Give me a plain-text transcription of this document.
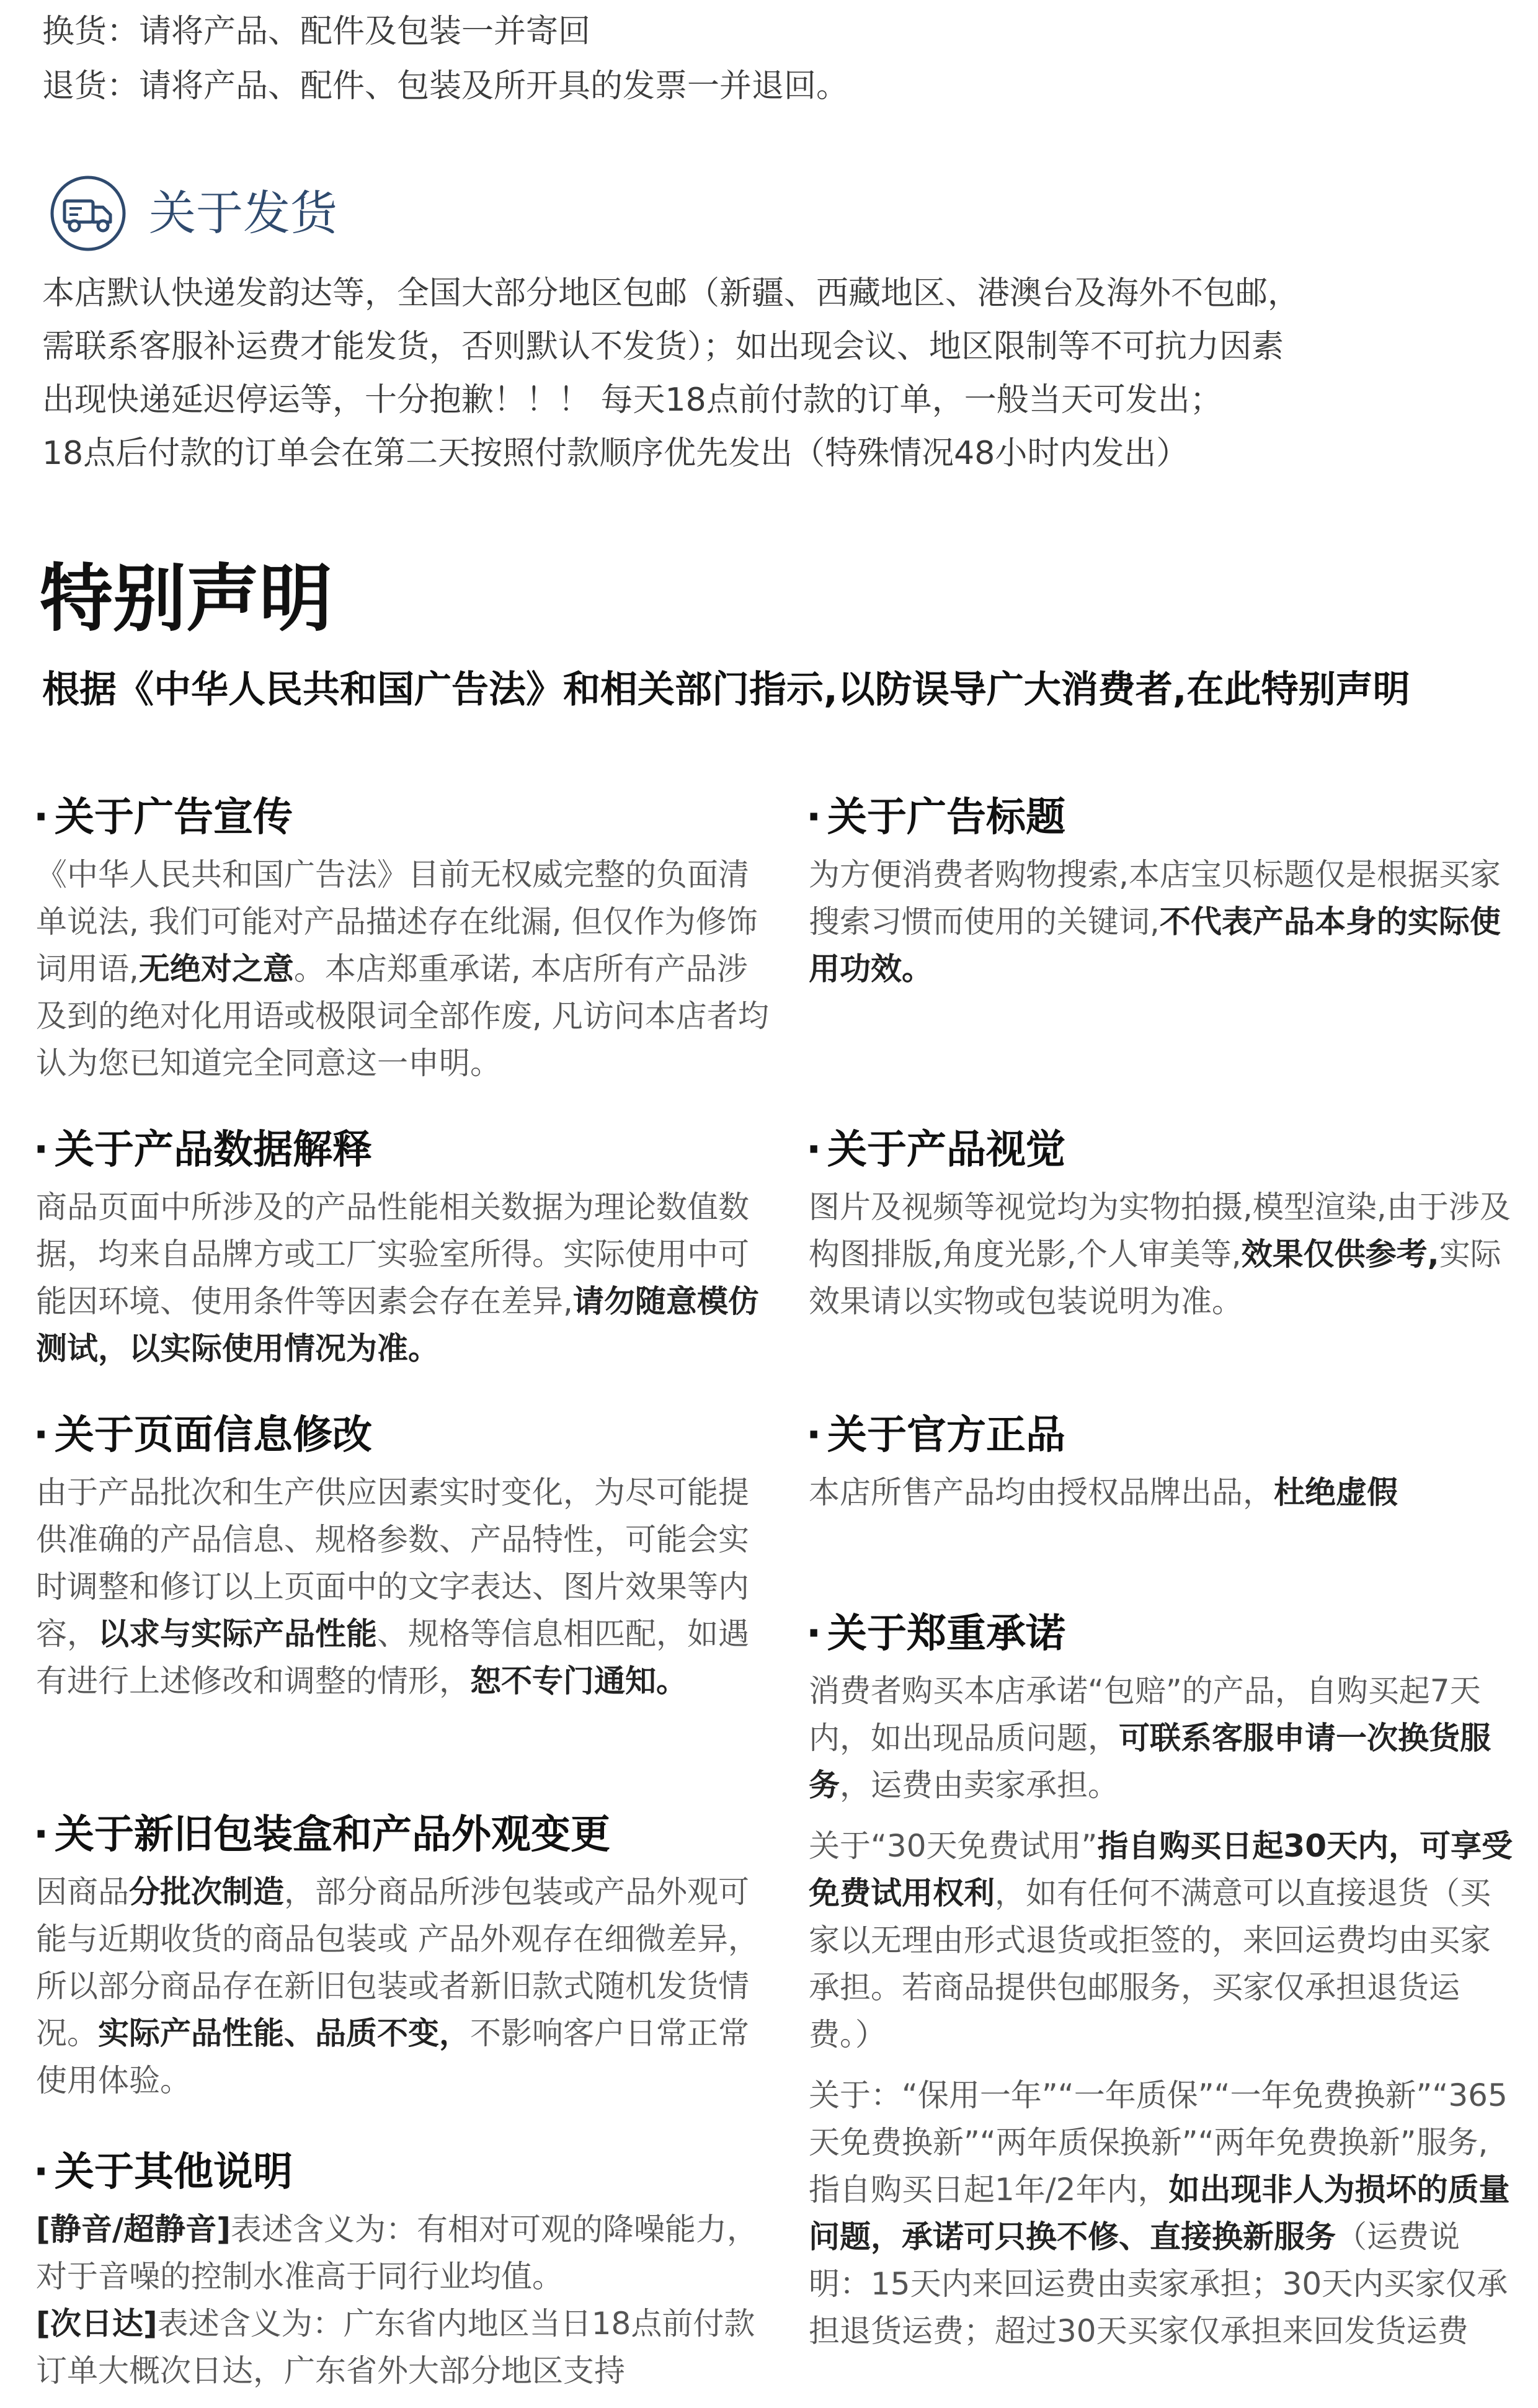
换货：请将产品、配件及包装一并寄回
退货：请将产品、配件、包装及所开具的发票一并退回。
关于发货
本店默认快递发韵达等，全国大部分地区包邮（新疆、西藏地区、港澳台及海外不包邮，
需联系客服补运费才能发货，否则默认不发货）；如出现会议、地区限制等不可抗力因素
出现快递延迟停运等，十分抱歉！！！ 每天18点前付款的订单，一般当天可发出；
18点后付款的订单会在第二天按照付款顺序优先发出（特殊情况48小时内发出）
特别声明
根据《中华人民共和国广告法》和相关部门指示,以防误导广大消费者,在此特别声明
· 关于广告宣传

《中华人民共和国广告法》目前无权威完整的负面清单说法, 我们可能对产品描述存在纰漏, 但仅作为修饰词用语,无绝对之意。本店郑重承诺, 本店所有产品涉及到的绝对化用语或极限词全部作废, 凡访问本店者均认为您已知道完全同意这一申明。

· 关于产品数据解释

商品页面中所涉及的产品性能相关数据为理论数值数据，均来自品牌方或工厂实验室所得。实际使用中可能因环境、使用条件等因素会存在差异,请勿随意模仿测试，以实际使用情况为准。

· 关于页面信息修改

由于产品批次和生产供应因素实时变化，为尽可能提供准确的产品信息、规格参数、产品特性，可能会实时调整和修订以上页面中的文字表达、图片效果等内容，以求与实际产品性能、规格等信息相匹配，如遇有进行上述修改和调整的情形，恕不专门通知。

· 关于新旧包装盒和产品外观变更

因商品分批次制造，部分商品所涉包装或产品外观可能与近期收货的商品包装或 产品外观存在细微差异，所以部分商品存在新旧包装或者新旧款式随机发货情况。实际产品性能、品质不变，不影响客户日常正常使用体验。

· 关于其他说明

[静音/超静音]表述含义为：有相对可观的降噪能力，对于音噪的控制水准高于同行业均值。

[次日达]表述含义为：广东省内地区当日18点前付款订单大概次日达，广东省外大部分地区支持

· 关于广告标题

为方便消费者购物搜索,本店宝贝标题仅是根据买家搜索习惯而使用的关键词,不代表产品本身的实际使用功效。

· 关于产品视觉

图片及视频等视觉均为实物拍摄,模型渲染,由于涉及构图排版,角度光影,个人审美等,效果仅供参考,实际效果请以实物或包装说明为准。

· 关于官方正品

本店所售产品均由授权品牌出品，杜绝虚假

· 关于郑重承诺

消费者购买本店承诺“包赔”的产品，自购买起7天内，如出现品质问题，可联系客服申请一次换货服务，运费由卖家承担。

关于“30天免费试用”指自购买日起30天内，可享受免费试用权利，如有任何不满意可以直接退货（买家以无理由形式退货或拒签的，来回运费均由买家承担。若商品提供包邮服务，买家仅承担退货运费。）

关于：“保用一年”“一年质保”“一年免费换新”“365天免费换新”“两年质保换新”“两年免费换新”服务, 指自购买日起1年/2年内，如出现非人为损坏的质量问题，承诺可只换不修、直接换新服务（运费说明：15天内来回运费由卖家承担；30天内买家仅承担退货运费；超过30天买家仅承担来回发货运费
